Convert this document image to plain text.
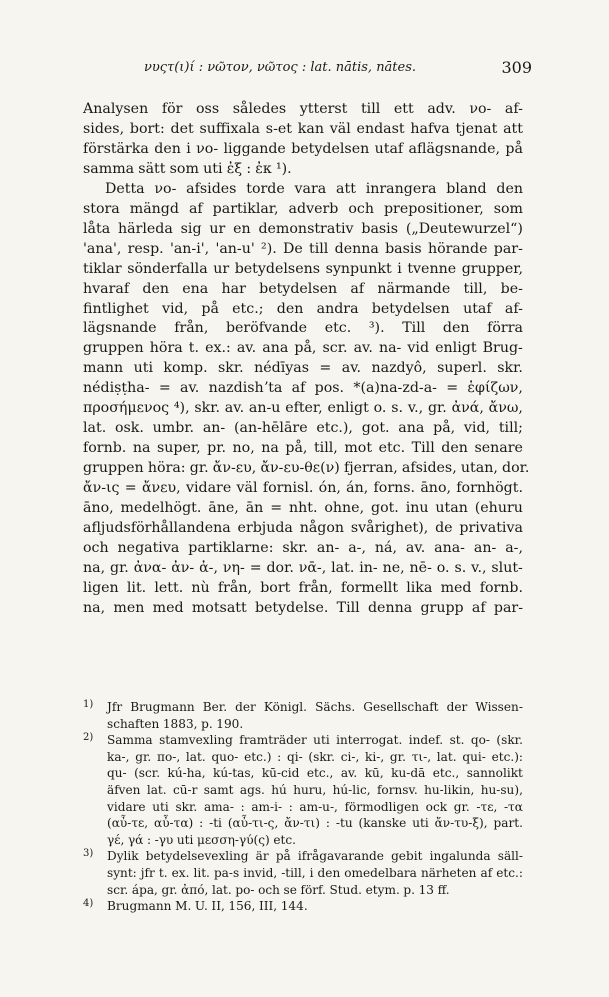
νυςτ(ι)ί : νῶτον, νῶτος : lat. nātis, nātes.	309
Analysen för oss således ytterst till ett adv. νο- af-
sides, bort: det suffixala s-et kan väl endast hafva tjenat att
förstärka den i νο- liggande betydelsen utaf aflägsnande, på
samma sätt som uti ἐξ : ἐκ ¹).
Detta νο- afsides torde vara att inrangera bland den
stora mängd af partiklar, adverb och prepositioner, som
låta härleda sig ur en demonstrativ basis („Deutewurzel“)
'ana', resp. 'an-i', 'an-u' ²). De till denna basis hörande par-
tiklar sönderfalla ur betydelsens synpunkt i tvenne grupper,
hvaraf den ena har betydelsen af närmande till, be-
fintlighet vid, på etc.; den andra betydelsen utaf af-
lägsnande från, beröfvande etc. ³). Till den förra
gruppen höra t. ex.: av. ana på, scr. av. na- vid enligt Brug-
mann uti komp. skr. nédīyas = av. nazdyô, superl. skr.
nédiṣṭha- = av. nazdishʼta af pos. *(a)na-zd-a- = ἑφίζων,
προσήμενος ⁴), skr. av. an-u efter, enligt o. s. v., gr. ἀνά, ἄνω,
lat. osk. umbr. an- (an-hēlāre etc.), got. ana på, vid, till;
fornb. na super, pr. no, na på, till, mot etc. Till den senare
gruppen höra: gr. ἄν-ευ, ἄν-ευ-θε(ν) fjerran, afsides, utan, dor.
ἄν-ις = ἄνευ, vidare väl fornisl. ón, án, forns. āno, fornhögt.
āno, medelhögt. āne, ān = nht. ohne, got. inu utan (ehuru
afljudsförhållandena erbjuda någon svårighet), de privativa
och negativa partiklarne: skr. an- a-, ná, av. ana- an- a-,
na, gr. ἀνα- ἀν- ἀ-, νη- = dor. νᾱ-, lat. in- ne, nē- o. s. v., slut-
ligen lit. lett. nù från, bort från, formellt lika med fornb.
na, men med motsatt betydelse. Till denna grupp af par-
1)	Jfr Brugmann Ber. der Königl. Sächs. Gesellschaft der Wissen-
schaften 1883, p. 190.
2)	Samma stamvexling framträder uti interrogat. indef. st. qo- (skr.
ka-, gr. πο-, lat. quo- etc.) : qi- (skr. ci-, ki-, gr. τι-, lat. qui- etc.):
qu- (scr. kú-ha, kú-tas, kū-cid etc., av. kū, ku-dā etc., sannolikt
äfven lat. cū-r samt ags. hú huru, hú-lic, fornsv. hu-likin, hu-su),
vidare uti skr. ama- : am-i- : am-u-, förmodligen ock gr. -τε, -τα
(αὖ-τε, αὖ-τα) : -ti (αὖ-τι-ς, ἄν-τι) : -tu (kanske uti ἄν-τυ-ξ), part.
γέ, γά : -γυ uti μεσση-γύ(ς) etc.
3)	Dylik betydelsevexling är på ifrågavarande gebit ingalunda säll-
synt: jfr t. ex. lit. pa-s invid, -till, i den omedelbara närheten af etc.:
scr. ápa, gr. ἀπό, lat. po- och se förf. Stud. etym. p. 13 ff.
4)	Brugmann M. U. II, 156, III, 144.
